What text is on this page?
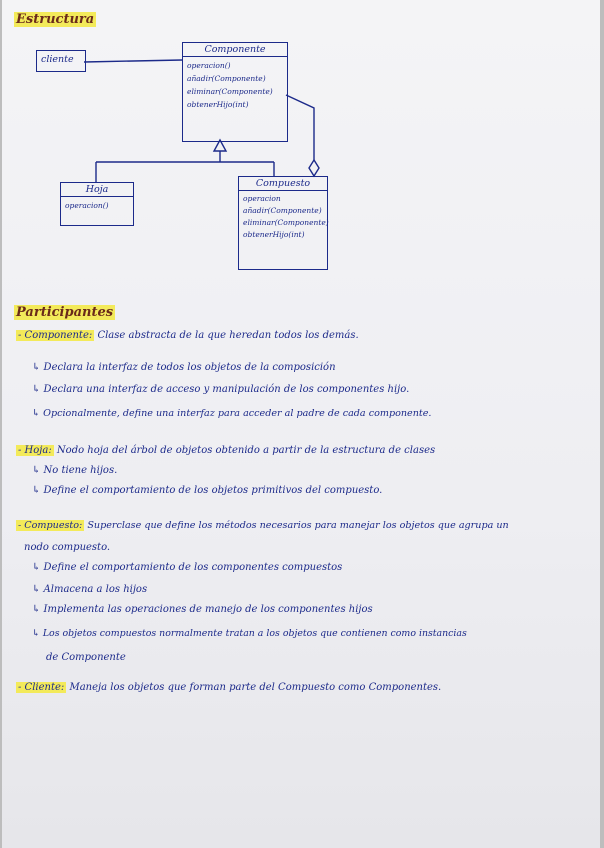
Estructura
cliente
Componente
operacion()
añadir(Componente)
eliminar(Componente)
obtenerHijo(int)
Hoja
operacion()
Compuesto
operacion
añadir(Componente)
eliminar(Componente)
obtenerHijo(int)
Participantes
- Componente: Clase abstracta de la que heredan todos los demás.
↳ Declara la interfaz de todos los objetos de la composición
↳ Declara una interfaz de acceso y manipulación de los componentes hijo.
↳ Opcionalmente, define una interfaz para acceder al padre de cada componente.
- Hoja: Nodo hoja del árbol de objetos obtenido a partir de la estructura de clases
↳ No tiene hijos.
↳ Define el comportamiento de los objetos primitivos del compuesto.
- Compuesto: Superclase que define los métodos necesarios para manejar los objetos que agrupa un
nodo compuesto.
↳ Define el comportamiento de los componentes compuestos
↳ Almacena a los hijos
↳ Implementa las operaciones de manejo de los componentes hijos
↳ Los objetos compuestos normalmente tratan a los objetos que contienen como instancias
de Componente
- Cliente: Maneja los objetos que forman parte del Compuesto como Componentes.
